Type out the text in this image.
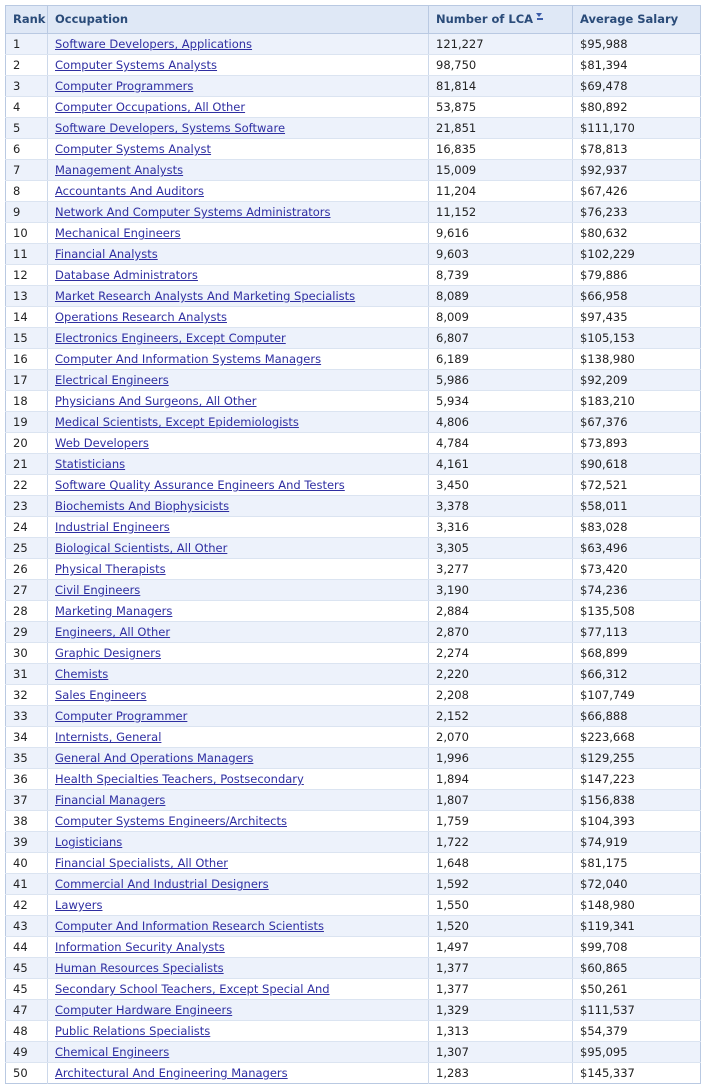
Rank	Occupation	Number of LCA	Average Salary
1	Software Developers, Applications	121,227	$95,988
2	Computer Systems Analysts	98,750	$81,394
3	Computer Programmers	81,814	$69,478
4	Computer Occupations, All Other	53,875	$80,892
5	Software Developers, Systems Software	21,851	$111,170
6	Computer Systems Analyst	16,835	$78,813
7	Management Analysts	15,009	$92,937
8	Accountants And Auditors	11,204	$67,426
9	Network And Computer Systems Administrators	11,152	$76,233
10	Mechanical Engineers	9,616	$80,632
11	Financial Analysts	9,603	$102,229
12	Database Administrators	8,739	$79,886
13	Market Research Analysts And Marketing Specialists	8,089	$66,958
14	Operations Research Analysts	8,009	$97,435
15	Electronics Engineers, Except Computer	6,807	$105,153
16	Computer And Information Systems Managers	6,189	$138,980
17	Electrical Engineers	5,986	$92,209
18	Physicians And Surgeons, All Other	5,934	$183,210
19	Medical Scientists, Except Epidemiologists	4,806	$67,376
20	Web Developers	4,784	$73,893
21	Statisticians	4,161	$90,618
22	Software Quality Assurance Engineers And Testers	3,450	$72,521
23	Biochemists And Biophysicists	3,378	$58,011
24	Industrial Engineers	3,316	$83,028
25	Biological Scientists, All Other	3,305	$63,496
26	Physical Therapists	3,277	$73,420
27	Civil Engineers	3,190	$74,236
28	Marketing Managers	2,884	$135,508
29	Engineers, All Other	2,870	$77,113
30	Graphic Designers	2,274	$68,899
31	Chemists	2,220	$66,312
32	Sales Engineers	2,208	$107,749
33	Computer Programmer	2,152	$66,888
34	Internists, General	2,070	$223,668
35	General And Operations Managers	1,996	$129,255
36	Health Specialties Teachers, Postsecondary	1,894	$147,223
37	Financial Managers	1,807	$156,838
38	Computer Systems Engineers/Architects	1,759	$104,393
39	Logisticians	1,722	$74,919
40	Financial Specialists, All Other	1,648	$81,175
41	Commercial And Industrial Designers	1,592	$72,040
42	Lawyers	1,550	$148,980
43	Computer And Information Research Scientists	1,520	$119,341
44	Information Security Analysts	1,497	$99,708
45	Human Resources Specialists	1,377	$60,865
45	Secondary School Teachers, Except Special And	1,377	$50,261
47	Computer Hardware Engineers	1,329	$111,537
48	Public Relations Specialists	1,313	$54,379
49	Chemical Engineers	1,307	$95,095
50	Architectural And Engineering Managers	1,283	$145,337
